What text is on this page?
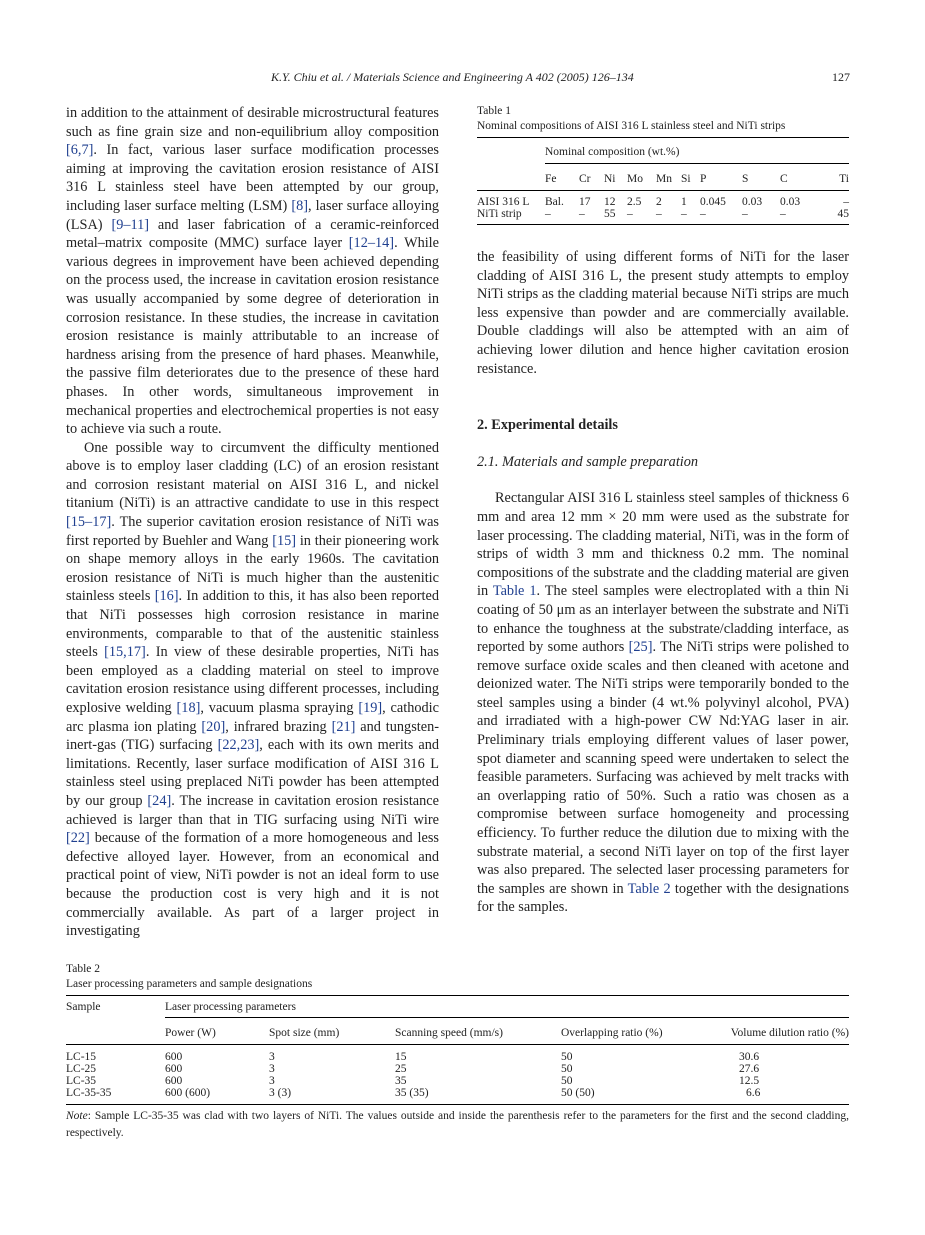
K.Y. Chiu et al. / Materials Science and Engineering A 402 (2005) 126–134	127

in addition to the attainment of desirable microstructural features such as fine grain size and non-equilibrium alloy composition [6,7]. In fact, various laser surface modification processes aiming at improving the cavitation erosion resistance of AISI 316 L stainless steel have been attempted by our group, including laser surface melting (LSM) [8], laser surface alloying (LSA) [9–11] and laser fabrication of a ceramic-reinforced metal–matrix composite (MMC) surface layer [12–14]. While various degrees in improvement have been achieved depending on the process used, the increase in cavitation erosion resistance was usually accompanied by some degree of deterioration in corrosion resistance. In these studies, the increase in cavitation erosion resistance is mainly attributable to an increase of hardness arising from the presence of hard phases. Meanwhile, the passive film deteriorates due to the presence of these hard phases. In other words, simultaneous improvement in mechanical properties and electrochemical properties is not easy to achieve via such a route.

One possible way to circumvent the difficulty mentioned above is to employ laser cladding (LC) of an erosion resistant and corrosion resistant material on AISI 316 L, and nickel titanium (NiTi) is an attractive candidate to use in this respect [15–17]. The superior cavitation erosion resistance of NiTi was first reported by Buehler and Wang [15] in their pioneering work on shape memory alloys in the early 1960s. The cavitation erosion resistance of NiTi is much higher than the austenitic stainless steels [16]. In addition to this, it has also been reported that NiTi possesses high corrosion resistance in marine environments, comparable to that of the austenitic stainless steels [15,17]. In view of these desirable properties, NiTi has been employed as a cladding material on steel to improve cavitation erosion resistance using different processes, including explosive welding [18], vacuum plasma spraying [19], cathodic arc plasma ion plating [20], infrared brazing [21] and tungsten-inert-gas (TIG) surfacing [22,23], each with its own merits and limitations. Recently, laser surface modification of AISI 316 L stainless steel using preplaced NiTi powder has been attempted by our group [24]. The increase in cavitation erosion resistance achieved is larger than that in TIG surfacing using NiTi wire [22] because of the formation of a more homogeneous and less defective alloyed layer. However, from an economical and practical point of view, NiTi powder is not an ideal form to use because the production cost is very high and it is not commercially available. As part of a larger project in investigating

Table 1
Nominal compositions of AISI 316 L stainless steel and NiTi strips

	Nominal composition (wt.%)									
	Fe	Cr	Ni	Mo	Mn	Si	P	S	C	Ti
AISI 316 L	Bal.	17	12	2.5	2	1	0.045	0.03	0.03	–
NiTi strip	–	–	55	–	–	–	–	–	–	45

the feasibility of using different forms of NiTi for the laser cladding of AISI 316 L, the present study attempts to employ NiTi strips as the cladding material because NiTi strips are much less expensive than powder and are commercially available. Double claddings will also be attempted with an aim of achieving lower dilution and hence higher cavitation erosion resistance.

2. Experimental details
2.1. Materials and sample preparation

Rectangular AISI 316 L stainless steel samples of thickness 6 mm and area 12 mm × 20 mm were used as the substrate for laser processing. The cladding material, NiTi, was in the form of strips of width 3 mm and thickness 0.2 mm. The nominal compositions of the substrate and the cladding material are given in Table 1. The steel samples were electroplated with a thin Ni coating of 50 μm as an interlayer between the substrate and NiTi to enhance the toughness at the substrate/cladding interface, as reported by some authors [25]. The NiTi strips were polished to remove surface oxide scales and then cleaned with acetone and deionized water. The NiTi strips were temporarily bonded to the steel samples using a binder (4 wt.% polyvinyl alcohol, PVA) and irradiated with a high-power CW Nd:YAG laser in air. Preliminary trials employing different values of laser power, spot diameter and scanning speed were undertaken to select the feasible parameters. Surfacing was achieved by melt tracks with an overlapping ratio of 50%. Such a ratio was chosen as a compromise between surface homogeneity and processing efficiency. To further reduce the dilution due to mixing with the substrate material, a second NiTi layer on top of the first layer was also prepared. The selected laser processing parameters for the samples are shown in Table 2 together with the designations for the samples.

Table 2
Laser processing parameters and sample designations
Sample	Laser processing parameters				
	Power (W)	Spot size (mm)	Scanning speed (mm/s)	Overlapping ratio (%)	Volume dilution ratio (%)
LC-15	600	3	15	50	30.6
LC-25	600	3	25	50	27.6
LC-35	600	3	35	50	12.5
LC-35-35	600 (600)	3 (3)	35 (35)	50 (50)	6.6
Note: Sample LC-35-35 was clad with two layers of NiTi. The values outside and inside the parenthesis refer to the parameters for the first and the second cladding, respectively.
